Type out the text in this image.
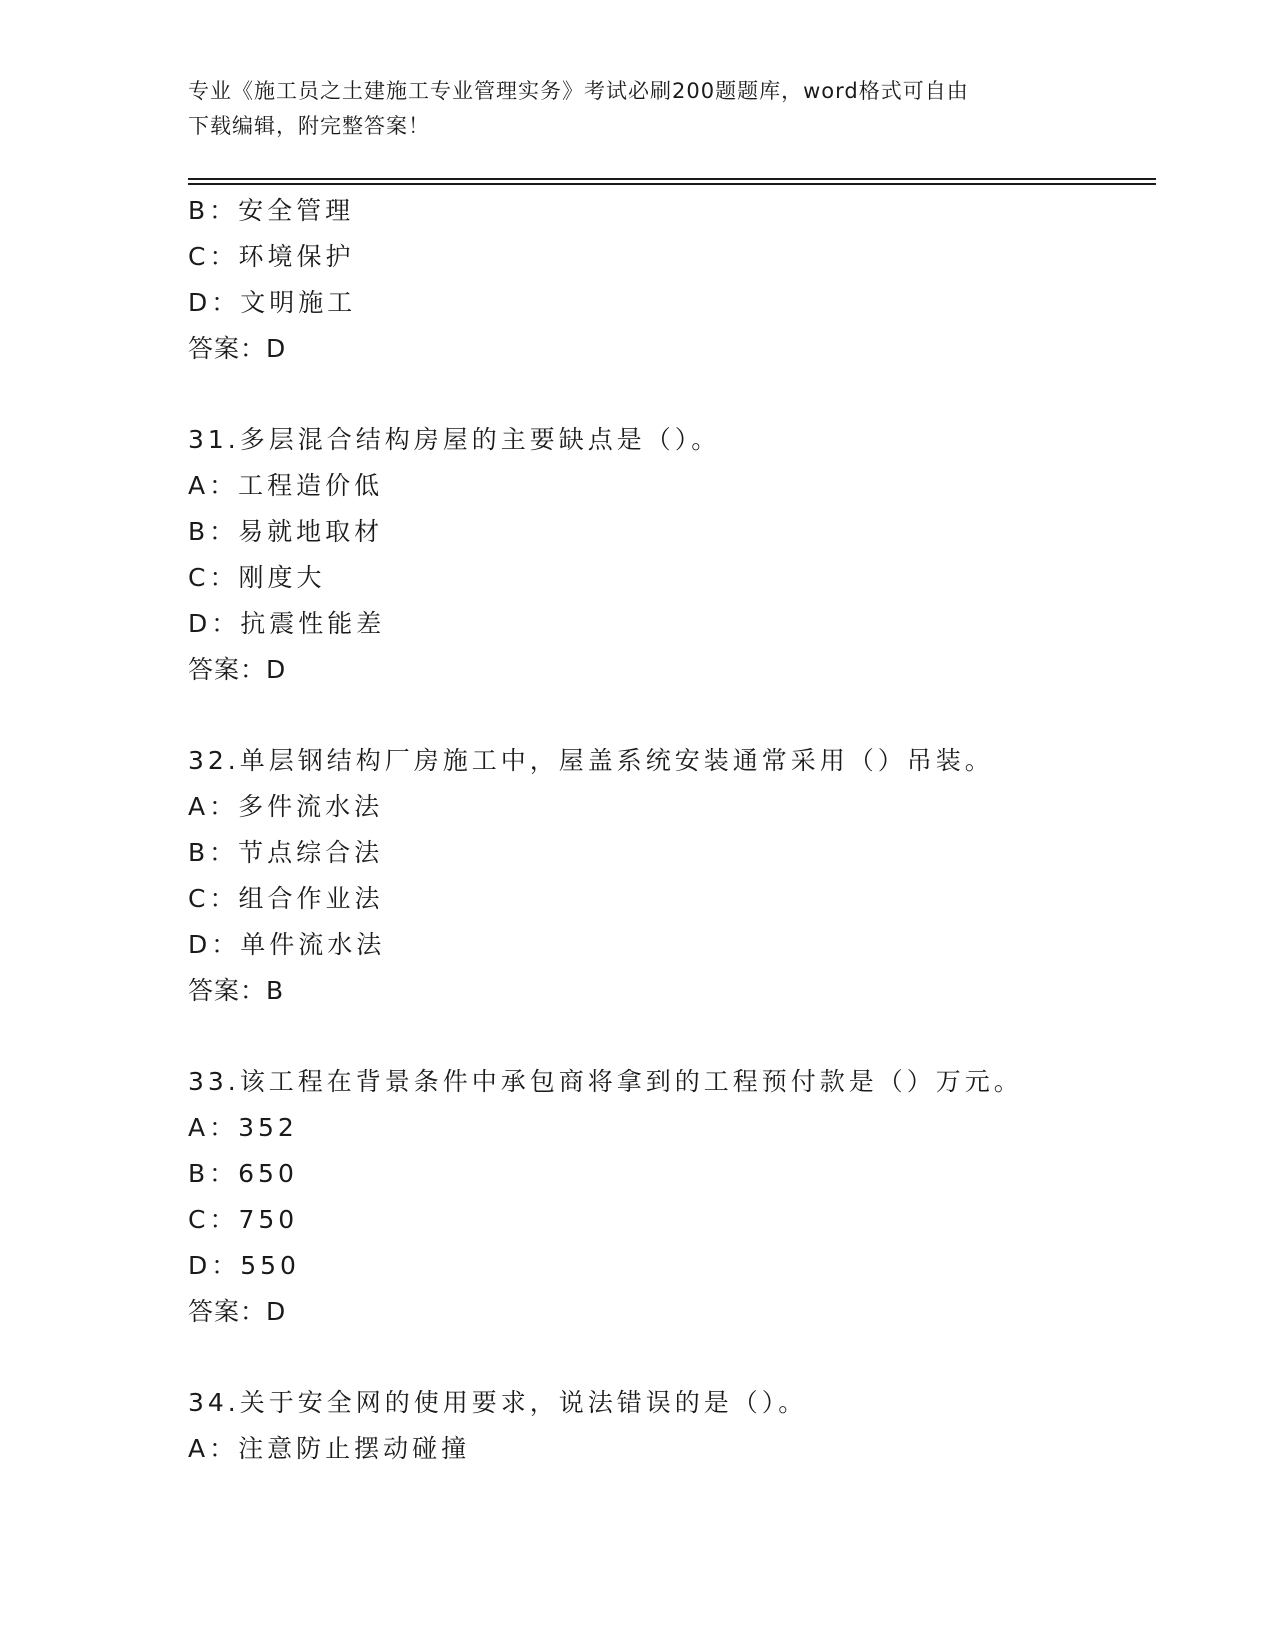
专业《施工员之土建施工专业管理实务》考试必刷200题题库，word格式可自由
下载编辑，附完整答案！
B：安全管理
C：环境保护
D：文明施工
答案：D
31.多层混合结构房屋的主要缺点是（）。
A：工程造价低
B：易就地取材
C：刚度大
D：抗震性能差
答案：D
32.单层钢结构厂房施工中，屋盖系统安装通常采用（）吊装。
A：多件流水法
B：节点综合法
C：组合作业法
D：单件流水法
答案：B
33.该工程在背景条件中承包商将拿到的工程预付款是（）万元。
A：352
B：650
C：750
D：550
答案：D
34.关于安全网的使用要求，说法错误的是（）。
A：注意防止摆动碰撞
